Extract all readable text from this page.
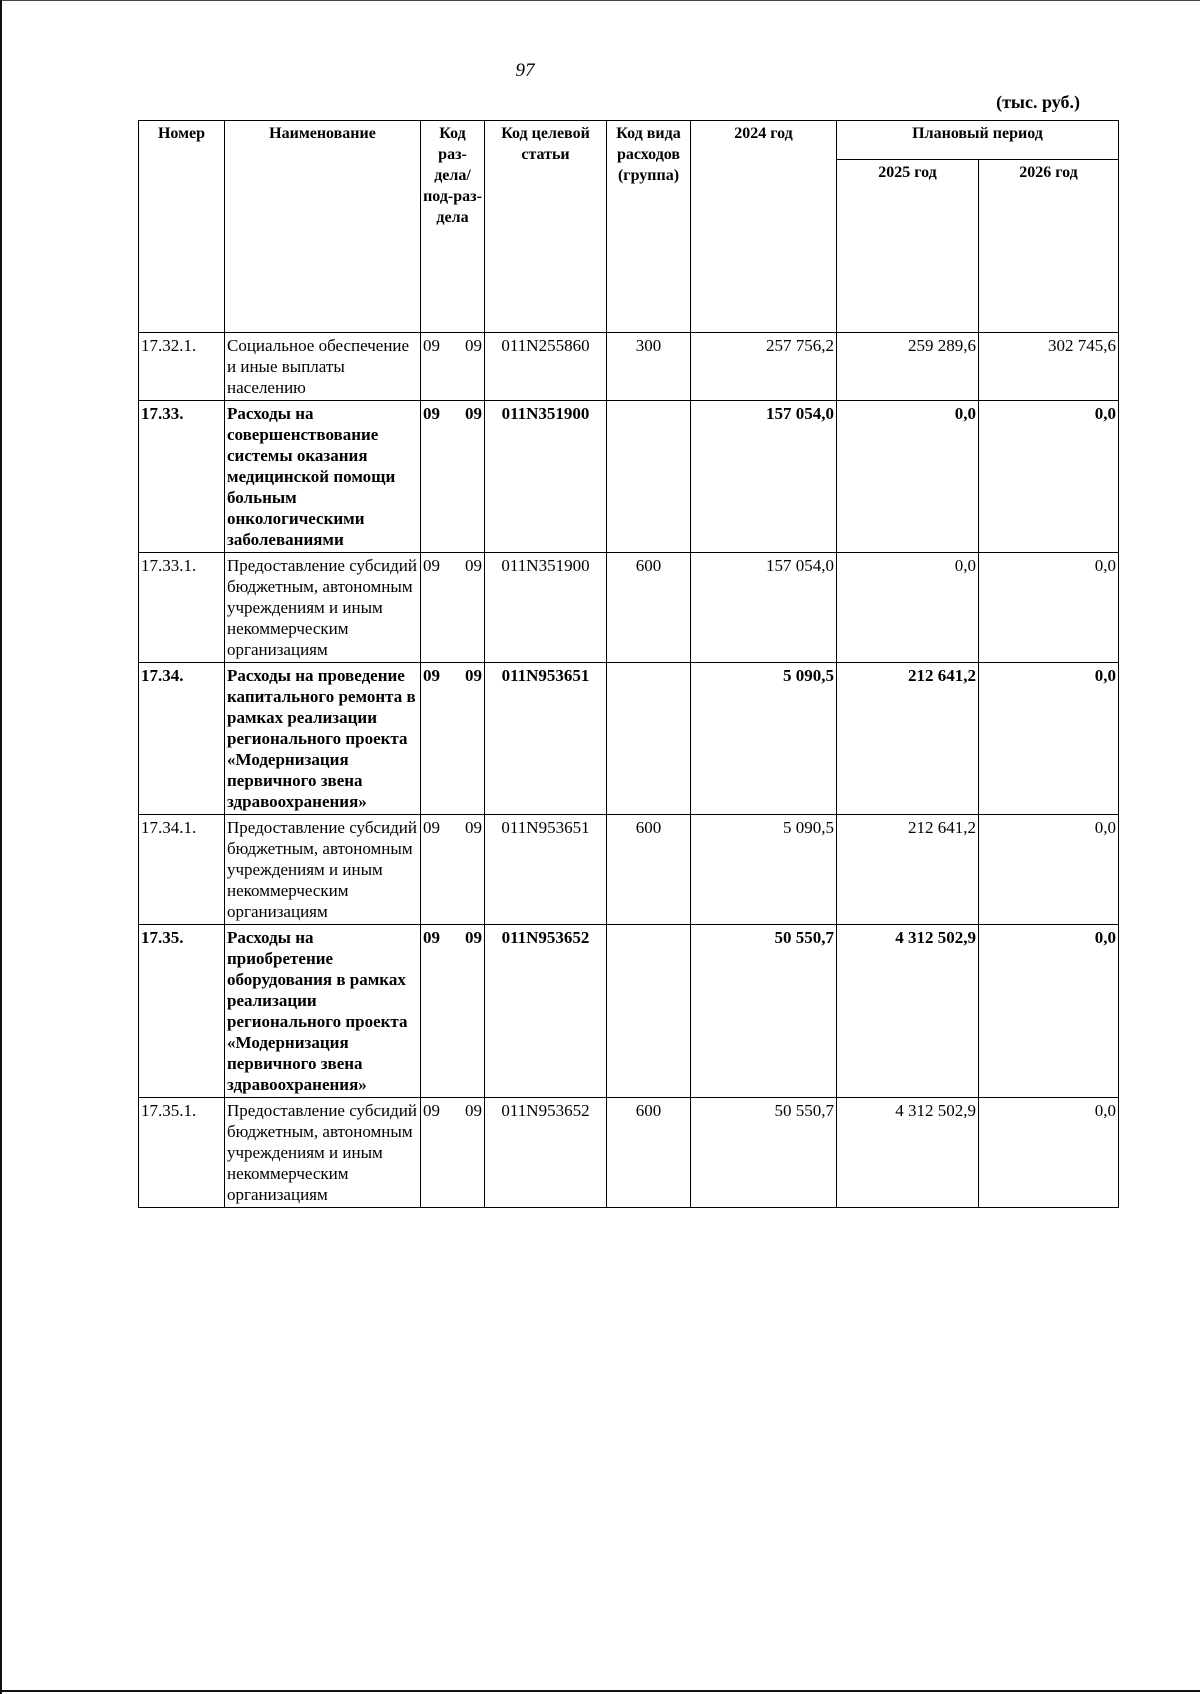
97
(тыс. руб.)
Номер	Наименование	Код раз-дела/ под-раз-дела	Код целевой статьи	Код вида расходов (группа)	2024 год	Плановый период	
						2025 год	2026 год
17.32.1.	Социальное обеспечение и иные выплаты населению	09 09	011N255860	300	257 756,2	259 289,6	302 745,6
17.33.	Расходы на совершенствование системы оказания медицинской помощи больным онкологическими заболеваниями	09 09	011N351900		157 054,0	0,0	0,0
17.33.1.	Предоставление субсидий бюджетным, автономным учреждениям и иным некоммерческим организациям	09 09	011N351900	600	157 054,0	0,0	0,0
17.34.	Расходы на проведение капитального ремонта в рамках реализации регионального проекта «Модернизация первичного звена здравоохранения»	09 09	011N953651		5 090,5	212 641,2	0,0
17.34.1.	Предоставление субсидий бюджетным, автономным учреждениям и иным некоммерческим организациям	09 09	011N953651	600	5 090,5	212 641,2	0,0
17.35.	Расходы на приобретение оборудования в рамках реализации регионального проекта «Модернизация первичного звена здравоохранения»	09 09	011N953652		50 550,7	4 312 502,9	0,0
17.35.1.	Предоставление субсидий бюджетным, автономным учреждениям и иным некоммерческим организациям	09 09	011N953652	600	50 550,7	4 312 502,9	0,0
